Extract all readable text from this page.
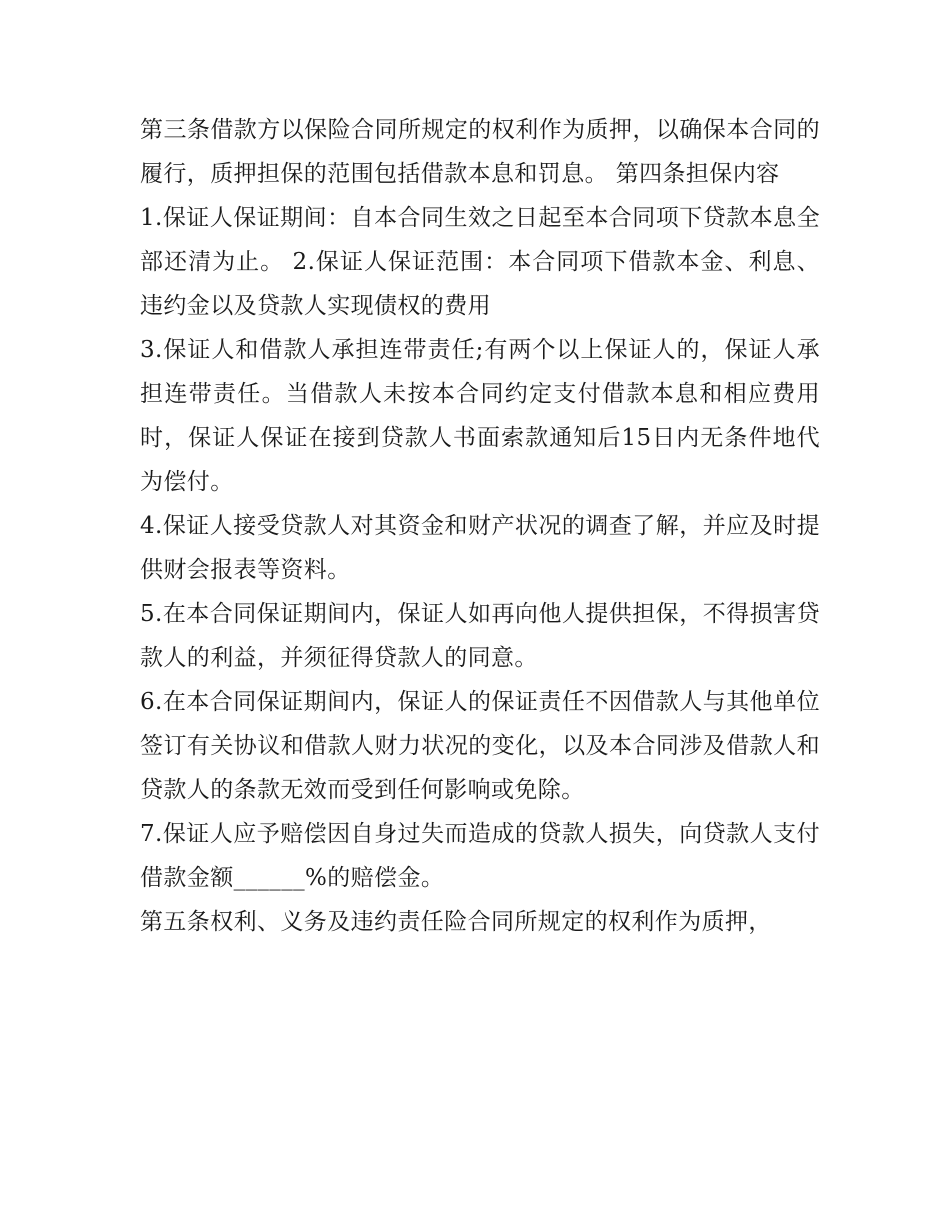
第三条借款方以保险合同所规定的权利作为质押，以确保本合同的履行，质押担保的范围包括借款本息和罚息。 第四条担保内容

1.保证人保证期间：自本合同生效之日起至本合同项下贷款本息全部还清为止。 2.保证人保证范围：本合同项下借款本金、利息、违约金以及贷款人实现债权的费用

3.保证人和借款人承担连带责任;有两个以上保证人的，保证人承担连带责任。当借款人未按本合同约定支付借款本息和相应费用时，保证人保证在接到贷款人书面索款通知后15日内无条件地代为偿付。

4.保证人接受贷款人对其资金和财产状况的调查了解，并应及时提供财会报表等资料。

5.在本合同保证期间内，保证人如再向他人提供担保，不得损害贷款人的利益，并须征得贷款人的同意。

6.在本合同保证期间内，保证人的保证责任不因借款人与其他单位签订有关协议和借款人财力状况的变化，以及本合同涉及借款人和贷款人的条款无效而受到任何影响或免除。

7.保证人应予赔偿因自身过失而造成的贷款人损失，向贷款人支付借款金额______%的赔偿金。

第五条权利、义务及违约责任险合同所规定的权利作为质押，
